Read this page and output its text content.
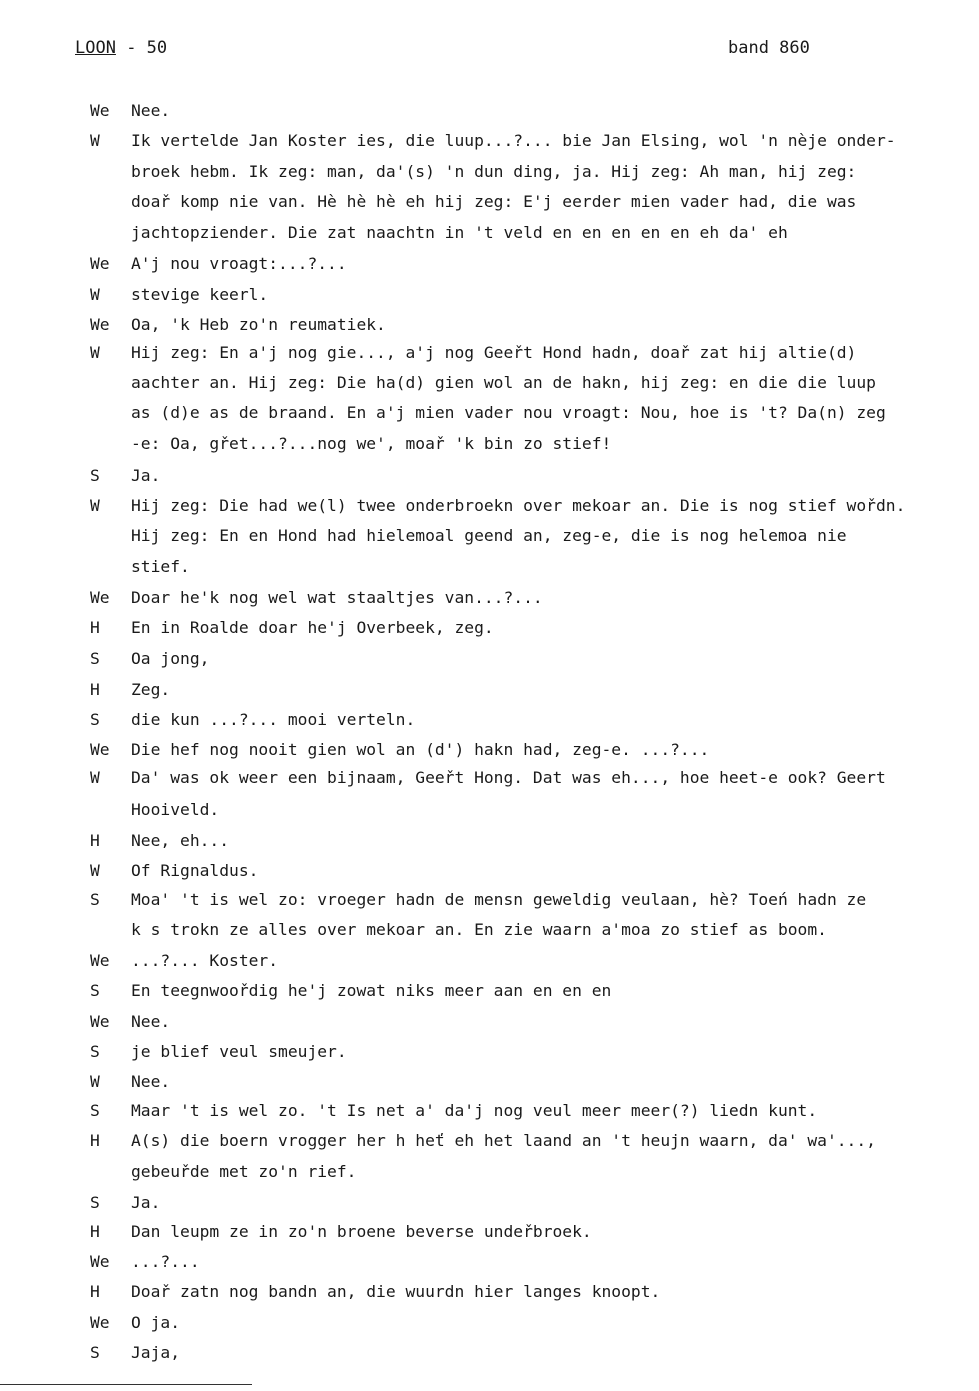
LOON - 50	band 860
We Nee.
W Ik vertelde Jan Koster ies, die luup...?... bie Jan Elsing, wol 'n nèje onder-
broek hebm. Ik zeg: man, da'(s) 'n dun ding, ja. Hij zeg: Ah man, hij zeg:
doař komp nie van. Hè hè hè eh hij zeg: E'j eerder mien vader had, die was
jachtopziender. Die zat naachtn in 't veld en en en en en eh da' eh
We A'j nou vroagt:...?...
W stevige keerl.
We Oa, 'k Heb zo'n reumatiek.
W Hij zeg: En a'j nog gie..., a'j nog Geeřt Hond hadn, doař zat hij altie(d)
aachter an. Hij zeg: Die ha(d) gien wol an de hakn, hij zeg: en die die luup
as (d)e as de braand. En a'j mien vader nou vroagt: Nou, hoe is 't? Da(n) zeg
-e: Oa, gřet...?...nog we', moař 'k bin zo stief!
S Ja.
W Hij zeg: Die had we(l) twee onderbroekn over mekoar an. Die is nog stief wořdn.
Hij zeg: En en Hond had hielemoal geend an, zeg-e, die is nog helemoa nie
stief.
We Doar he'k nog wel wat staaltjes van...?...
H En in Roalde doar he'j Overbeek, zeg.
S Oa jong,
H Zeg.
S die kun ...?... mooi verteln.
We Die hef nog nooit gien wol an (d') hakn had, zeg-e. ...?...
W Da' was ok weer een bijnaam, Geeřt Hong. Dat was eh..., hoe heet-e ook? Geert
Hooiveld.
H Nee, eh...
W Of Rignaldus.
S Moa' 't is wel zo: vroeger hadn de mensn geweldig veulaan, hè? Toeń hadn ze
k s trokn ze alles over mekoar an. En zie waarn a'moa zo stief as boom.
We ...?... Koster.
S En teegnwoořdig he'j zowat niks meer aan en en en
We Nee.
S je blief veul smeujer.
W Nee.
S Maar 't is wel zo. 't Is net a' da'j nog veul meer meer(?) liedn kunt.
H A(s) die boern vrogger her h heť eh het laand an 't heujn waarn, da' wa'...,
gebeuřde met zo'n rief.
S Ja.
H Dan leupm ze in zo'n broene beverse undeřbroek.
We ...?...
H Doař zatn nog bandn an, die wuurdn hier langes knoopt.
We O ja.
S Jaja,
